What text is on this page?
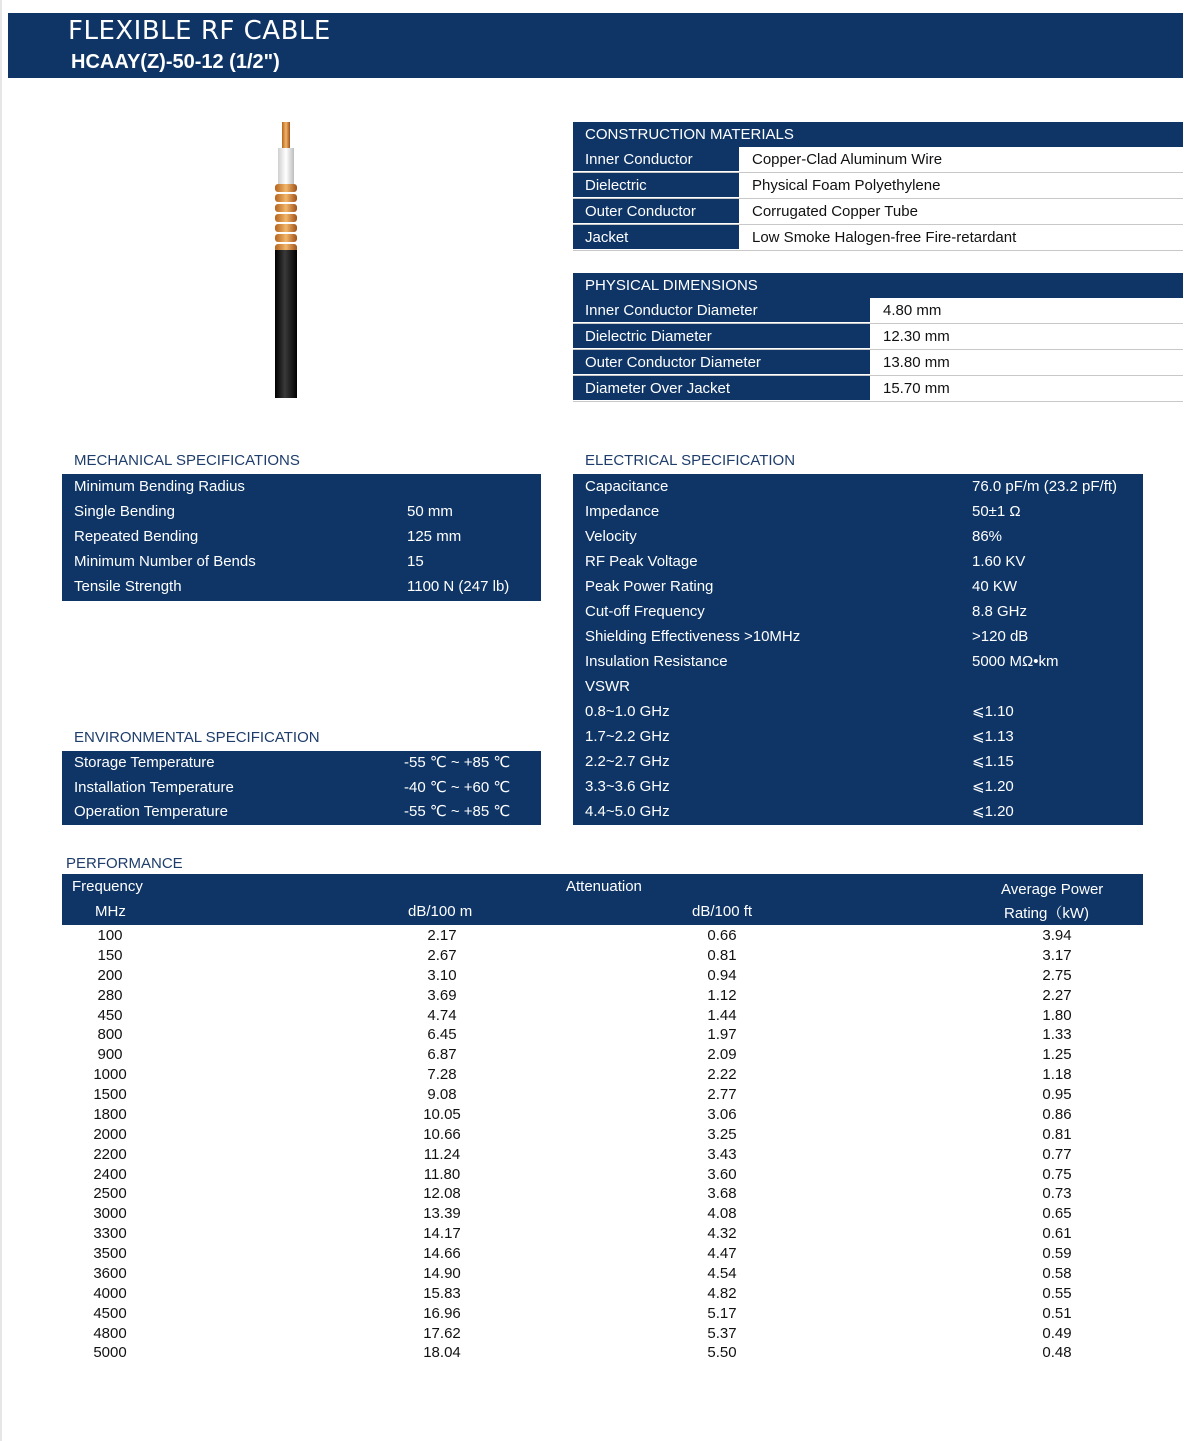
FLEXIBLE RF CABLE
HCAAY(Z)-50-12 (1/2")
CONSTRUCTION MATERIALS
Inner Conductor	Copper-Clad Aluminum Wire
Dielectric	Physical Foam Polyethylene
Outer Conductor	Corrugated Copper Tube
Jacket	Low Smoke Halogen-free Fire-retardant
PHYSICAL DIMENSIONS
Inner Conductor Diameter	4.80 mm
Dielectric Diameter	12.30 mm
Outer Conductor Diameter	13.80 mm
Diameter Over Jacket	15.70 mm
MECHANICAL SPECIFICATIONS
Minimum Bending Radius
Single Bending	50 mm
Repeated Bending	125 mm
Minimum Number of Bends	15
Tensile Strength	1100 N (247 lb)
ENVIRONMENTAL SPECIFICATION
Storage Temperature	-55 ℃ ~ +85 ℃
Installation Temperature	-40 ℃ ~ +60 ℃
Operation Temperature	-55 ℃ ~ +85 ℃
ELECTRICAL SPECIFICATION
Capacitance	76.0 pF/m (23.2 pF/ft)
Impedance	50±1 Ω
Velocity	86%
RF Peak Voltage	1.60 KV
Peak Power Rating	40 KW
Cut-off Frequency	8.8 GHz
Shielding Effectiveness >10MHz	>120 dB
Insulation Resistance	5000 MΩ•km
VSWR
0.8~1.0 GHz	⩽1.10
1.7~2.2 GHz	⩽1.13
2.2~2.7 GHz	⩽1.15
3.3~3.6 GHz	⩽1.20
4.4~5.0 GHz	⩽1.20
PERFORMANCE
Frequency
MHz
Attenuation
dB/100 m	dB/100 ft
Average Power
Rating（kW)
100	2.17	0.66	3.94
150	2.67	0.81	3.17
200	3.10	0.94	2.75
280	3.69	1.12	2.27
450	4.74	1.44	1.80
800	6.45	1.97	1.33
900	6.87	2.09	1.25
1000	7.28	2.22	1.18
1500	9.08	2.77	0.95
1800	10.05	3.06	0.86
2000	10.66	3.25	0.81
2200	11.24	3.43	0.77
2400	11.80	3.60	0.75
2500	12.08	3.68	0.73
3000	13.39	4.08	0.65
3300	14.17	4.32	0.61
3500	14.66	4.47	0.59
3600	14.90	4.54	0.58
4000	15.83	4.82	0.55
4500	16.96	5.17	0.51
4800	17.62	5.37	0.49
5000	18.04	5.50	0.48
